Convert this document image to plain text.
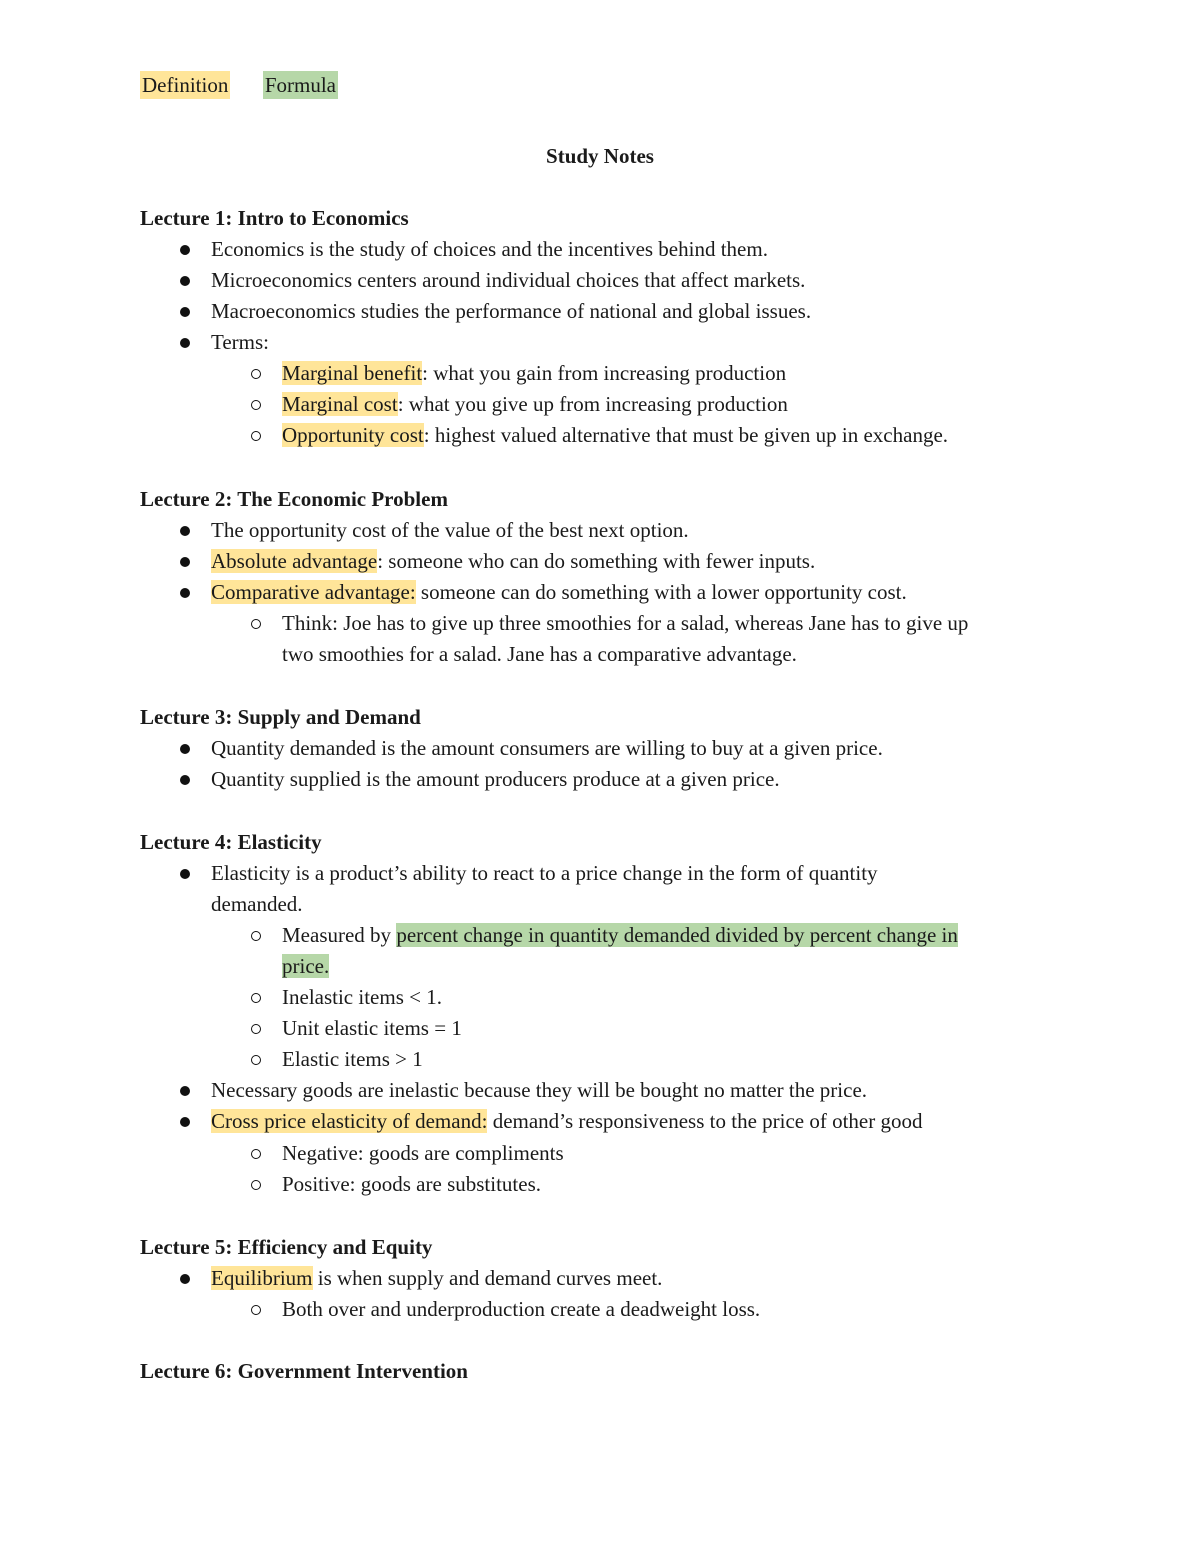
Definition Formula
Study Notes
Lecture 1: Intro to Economics
Economics is the study of choices and the incentives behind them.
Microeconomics centers around individual choices that affect markets.
Macroeconomics studies the performance of national and global issues.
Terms:
Marginal benefit: what you gain from increasing production
Marginal cost: what you give up from increasing production
Opportunity cost: highest valued alternative that must be given up in exchange.
Lecture 2: The Economic Problem
The opportunity cost of the value of the best next option.
Absolute advantage: someone who can do something with fewer inputs.
Comparative advantage: someone can do something with a lower opportunity cost.
Think: Joe has to give up three smoothies for a salad, whereas Jane has to give up
two smoothies for a salad. Jane has a comparative advantage.
Lecture 3: Supply and Demand
Quantity demanded is the amount consumers are willing to buy at a given price.
Quantity supplied is the amount producers produce at a given price.
Lecture 4: Elasticity
Elasticity is a product’s ability to react to a price change in the form of quantity
demanded.
Measured by percent change in quantity demanded divided by percent change in
price.
Inelastic items < 1.
Unit elastic items = 1
Elastic items > 1
Necessary goods are inelastic because they will be bought no matter the price.
Cross price elasticity of demand: demand’s responsiveness to the price of other good
Negative: goods are compliments
Positive: goods are substitutes.
Lecture 5: Efficiency and Equity
Equilibrium is when supply and demand curves meet.
Both over and underproduction create a deadweight loss.
Lecture 6: Government Intervention
